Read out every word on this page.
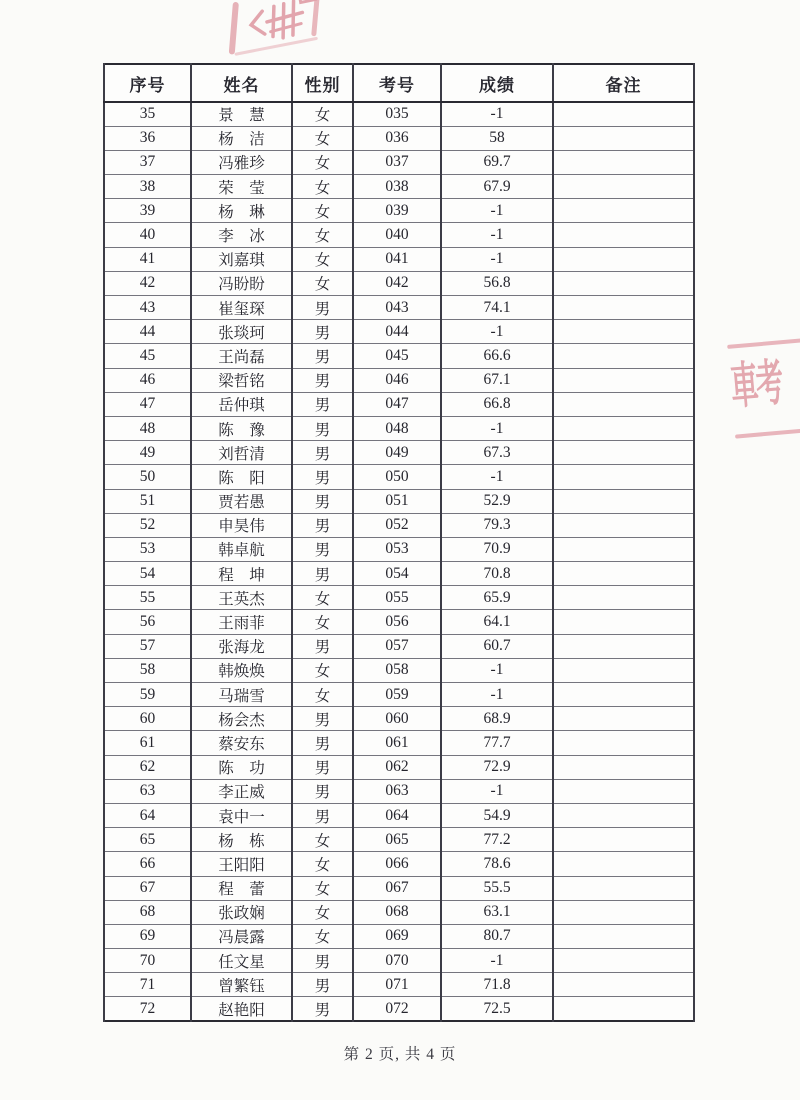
車考
序号	姓名	性别	考号	成绩	备注
35	景　慧	女	035	-1	
36	杨　洁	女	036	58	
37	冯雅珍	女	037	69.7	
38	荣　莹	女	038	67.9	
39	杨　琳	女	039	-1	
40	李　冰	女	040	-1	
41	刘嘉琪	女	041	-1	
42	冯盼盼	女	042	56.8	
43	崔玺琛	男	043	74.1	
44	张琰珂	男	044	-1	
45	王尚磊	男	045	66.6	
46	梁哲铭	男	046	67.1	
47	岳仲琪	男	047	66.8	
48	陈　豫	男	048	-1	
49	刘哲清	男	049	67.3	
50	陈　阳	男	050	-1	
51	贾若愚	男	051	52.9	
52	申昊伟	男	052	79.3	
53	韩卓航	男	053	70.9	
54	程　坤	男	054	70.8	
55	王英杰	女	055	65.9	
56	王雨菲	女	056	64.1	
57	张海龙	男	057	60.7	
58	韩焕焕	女	058	-1	
59	马瑞雪	女	059	-1	
60	杨会杰	男	060	68.9	
61	蔡安东	男	061	77.7	
62	陈　功	男	062	72.9	
63	李正威	男	063	-1	
64	袁中一	男	064	54.9	
65	杨　栋	女	065	77.2	
66	王阳阳	女	066	78.6	
67	程　蕾	女	067	55.5	
68	张政娴	女	068	63.1	
69	冯晨露	女	069	80.7	
70	任文星	男	070	-1	
71	曾繁钰	男	071	71.8	
72	赵艳阳	男	072	72.5	
第 2 页, 共 4 页
